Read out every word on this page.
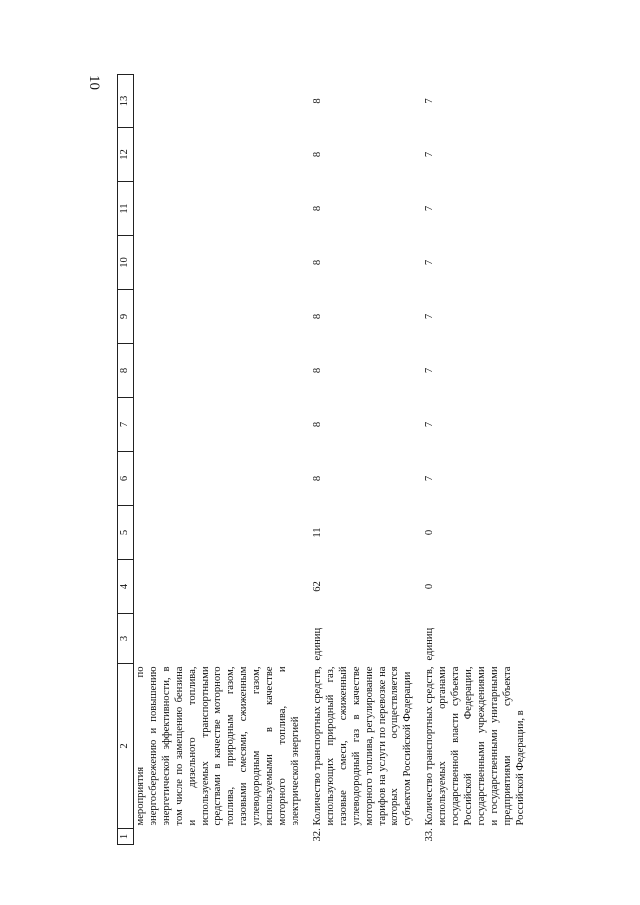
10
1	2	3	4	5	6	7	8	9	10	11	12	13
	мероприятия по энергосбережению и повышению энергетической эффективности, в том числе по замещению бензина и дизельного топлива, используемых транспортными средствами в качестве моторного топлива, природным газом, газовыми смесями, сжиженным углеводородным газом, используемыми в качестве моторного топлива, и электрической энергией											
32.	Количество транспортных средств, использующих природный газ, газовые смеси, сжиженный углеводородный газ в качестве моторного топлива, регулирование тарифов на услуги по перевозке на которых осуществляется субъектом Российской Федерации	единиц	62	11	8	8	8	8	8	8	8	8
33.	Количество транспортных средств, используемых органами государственной власти субъекта Российской Федерации, государственными учреждениями и государственными унитарными предприятиями субъекта Российской Федерации, в	единиц	0	0	7	7	7	7	7	7	7	7
